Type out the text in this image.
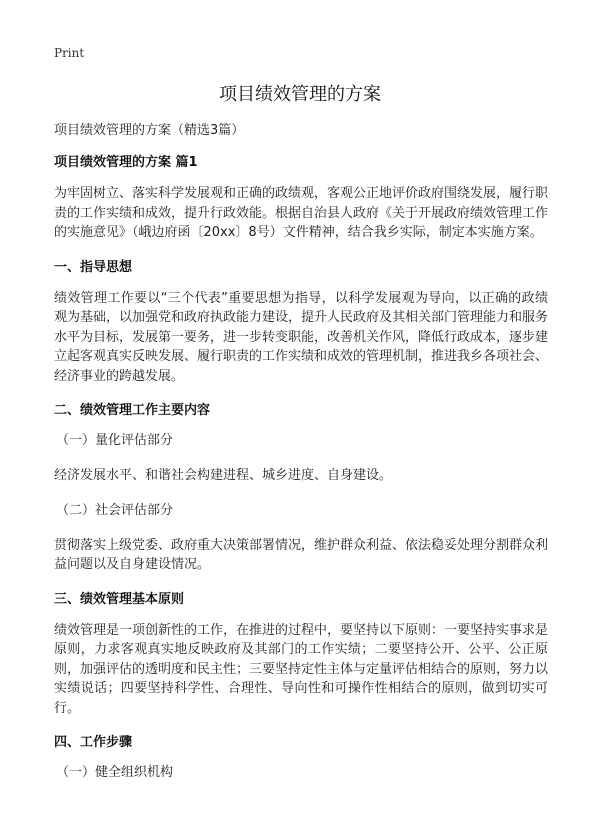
Print
项目绩效管理的方案

项目绩效管理的方案（精选3篇）

项目绩效管理的方案 篇1

为牢固树立、落实科学发展观和正确的政绩观，客观公正地评价政府围绕发展，履行职责的工作实绩和成效，提升行政效能。根据自治县人政府《关于开展政府绩效管理工作的实施意见》（峨边府函〔20xx〕8号）文件精神，结合我乡实际，制定本实施方案。

一、指导思想

绩效管理工作要以“三个代表”重要思想为指导，以科学发展观为导向，以正确的政绩观为基础，以加强党和政府执政能力建设，提升人民政府及其相关部门管理能力和服务水平为目标，发展第一要务，进一步转变职能，改善机关作风，降低行政成本，逐步建立起客观真实反映发展、履行职责的工作实绩和成效的管理机制，推进我乡各项社会、经济事业的跨越发展。

二、绩效管理工作主要内容

（一）量化评估部分

经济发展水平、和谐社会构建进程、城乡进度、自身建设。

（二）社会评估部分

贯彻落实上级党委、政府重大决策部署情况，维护群众利益、依法稳妥处理分割群众利益问题以及自身建设情况。

三、绩效管理基本原则

绩效管理是一项创新性的工作，在推进的过程中，要坚持以下原则：一要坚持实事求是原则，力求客观真实地反映政府及其部门的工作实绩；二要坚持公开、公平、公正原则，加强评估的透明度和民主性；三要坚持定性主体与定量评估相结合的原则，努力以实绩说话；四要坚持科学性、合理性、导向性和可操作性相结合的原则，做到切实可行。

四、工作步骤

（一）健全组织机构
